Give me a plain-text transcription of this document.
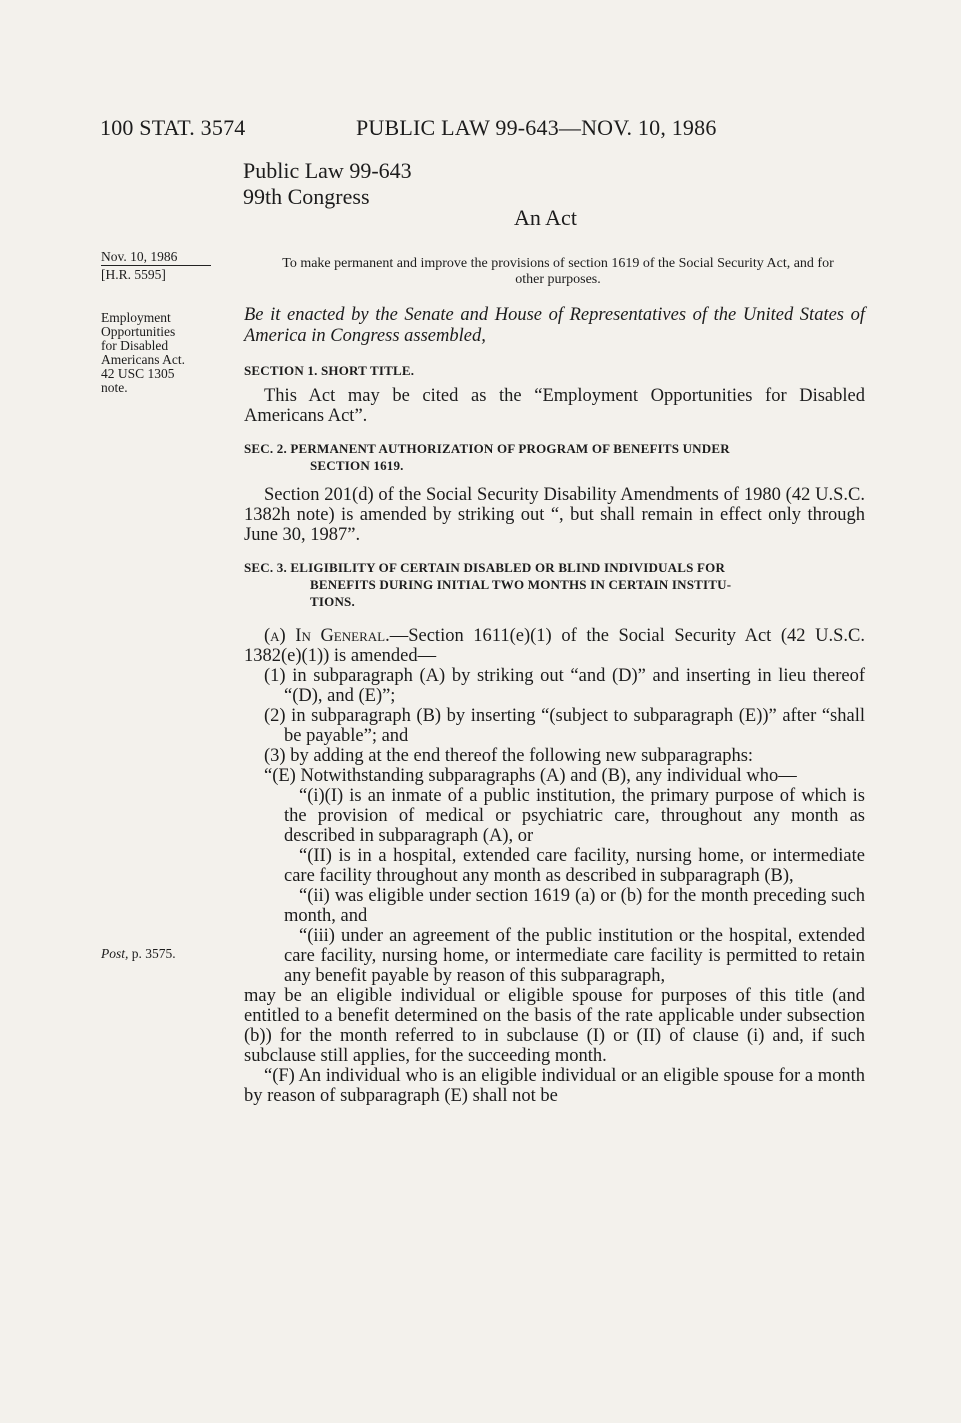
100 STAT. 3574	PUBLIC LAW 99-643—NOV. 10, 1986
Public Law 99-643
99th Congress
An Act
Nov. 10, 1986
[H.R. 5595]
Employment
Opportunities
for Disabled
Americans Act.
42 USC 1305
note.
Post, p. 3575.
To make permanent and improve the provisions of section 1619 of the Social Security Act, and for other purposes.
Be it enacted by the Senate and House of Representatives of the United States of America in Congress assembled,
SECTION 1. SHORT TITLE.

This Act may be cited as the “Employment Opportunities for Disabled Americans Act”.

SEC. 2. PERMANENT AUTHORIZATION OF PROGRAM OF BENEFITS UNDER
SECTION 1619.

Section 201(d) of the Social Security Disability Amendments of 1980 (42 U.S.C. 1382h note) is amended by striking out “, but shall remain in effect only through June 30, 1987”.

SEC. 3. ELIGIBILITY OF CERTAIN DISABLED OR BLIND INDIVIDUALS FOR
BENEFITS DURING INITIAL TWO MONTHS IN CERTAIN INSTITU-
TIONS.

(a) In General.—Section 1611(e)(1) of the Social Security Act (42 U.S.C. 1382(e)(1)) is amended—

(1) in subparagraph (A) by striking out “and (D)” and inserting in lieu thereof “(D), and (E)”;

(2) in subparagraph (B) by inserting “(subject to subparagraph (E))” after “shall be payable”; and

(3) by adding at the end thereof the following new subparagraphs:

“(E) Notwithstanding subparagraphs (A) and (B), any individual who—

“(i)(I) is an inmate of a public institution, the primary purpose of which is the provision of medical or psychiatric care, throughout any month as described in subparagraph (A), or

“(II) is in a hospital, extended care facility, nursing home, or intermediate care facility throughout any month as described in subparagraph (B),

“(ii) was eligible under section 1619 (a) or (b) for the month preceding such month, and

“(iii) under an agreement of the public institution or the hospital, extended care facility, nursing home, or intermediate care facility is permitted to retain any benefit payable by reason of this subparagraph,

may be an eligible individual or eligible spouse for purposes of this title (and entitled to a benefit determined on the basis of the rate applicable under subsection (b)) for the month referred to in subclause (I) or (II) of clause (i) and, if such subclause still applies, for the succeeding month.

“(F) An individual who is an eligible individual or an eligible spouse for a month by reason of subparagraph (E) shall not be
